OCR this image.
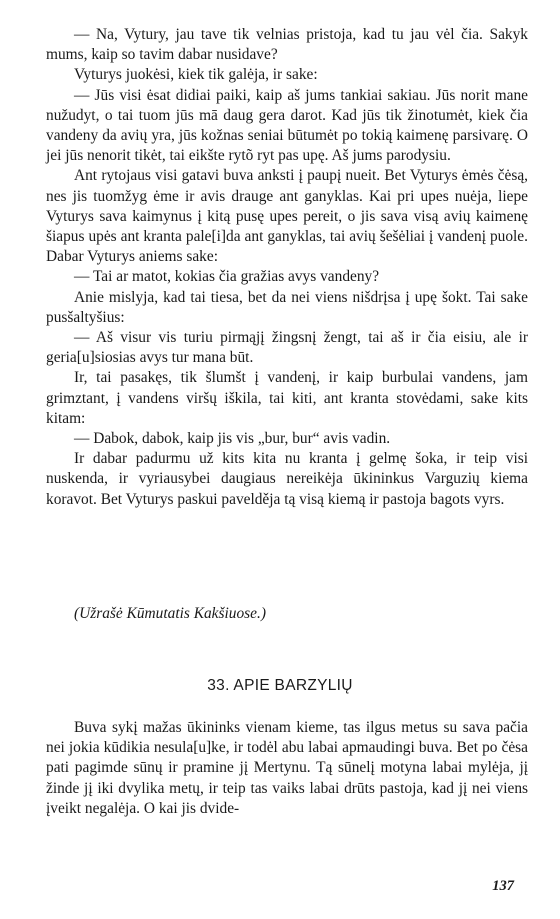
— Na, Vytury, jau tave tik velnias pristoja, kad tu jau vėl čia. Sakyk mums, kaip so tavim dabar nusidave?

Vyturys juokėsi, kiek tik galėja, ir sake:

— Jūs visi ėsat didiai paiki, kaip aš jums tankiai sakiau. Jūs norit mane nužudyt, o tai tuom jūs mā daug gera darot. Kad jūs tik žinotumėt, kiek čia vandeny da avių yra, jūs kožnas seniai būtumėt po tokią kaimenę parsivarę. O jei jūs nenorit tikėt, tai eikšte rytõ ryt pas upę. Aš jums parodysiu.

Ant rytojaus visi gatavi buva anksti į paupį nueit. Bet Vyturys ėmės čėsą, nes jis tuomžyg ėme ir avis drauge ant ganyklas. Kai pri upes nuėja, liepe Vyturys sava kaimynus į kitą pusę upes pereit, o jis sava visą avių kaimenę šiapus upės ant kranta pale[i]da ant ganyklas, tai avių šešėliai į vandenį puole. Dabar Vyturys aniems sake:

— Tai ar matot, kokias čia gražias avys vandeny?

Anie mislyja, kad tai tiesa, bet da nei viens nišdrįsa į upę šokt. Tai sake pusšaltyšius:

— Aš visur vis turiu pirmąjį žingsnį žengt, tai aš ir čia eisiu, ale ir geria[u]siosias avys tur mana būt.

Ir, tai pasakęs, tik šlumšt į vandenį, ir kaip burbulai vandens, jam grimztant, į vandens viršų iškila, tai kiti, ant kranta stovėdami, sake kits kitam:

— Dabok, dabok, kaip jis vis „bur, bur“ avis vadin.

Ir dabar padurmu už kits kita nu kranta į gelmę šoka, ir teip visi nuskenda, ir vyriausybei daugiaus nereikėja ūkininkus Varguzių kiema koravot. Bet Vyturys paskui pavelděja tą visą kiemą ir pastoja bagots vyrs.

(Užrašė Kūmutatis Kakšiuose.)
33. APIE BARZYLIŲ

Buva sykį mažas ūkininks vienam kieme, tas ilgus metus su sava pačia nei jokia kūdikia nesula[u]ke, ir todėl abu labai apmaudingi buva. Bet po čėsa pati pagimde sūnų ir pramine jį Mertynu. Tą sūnelį motyna labai mylėja, jį žinde jį iki dvylika metų, ir teip tas vaiks labai drūts pastoja, kad jį nei viens įveikt negalėja. O kai jis dvide-

137
